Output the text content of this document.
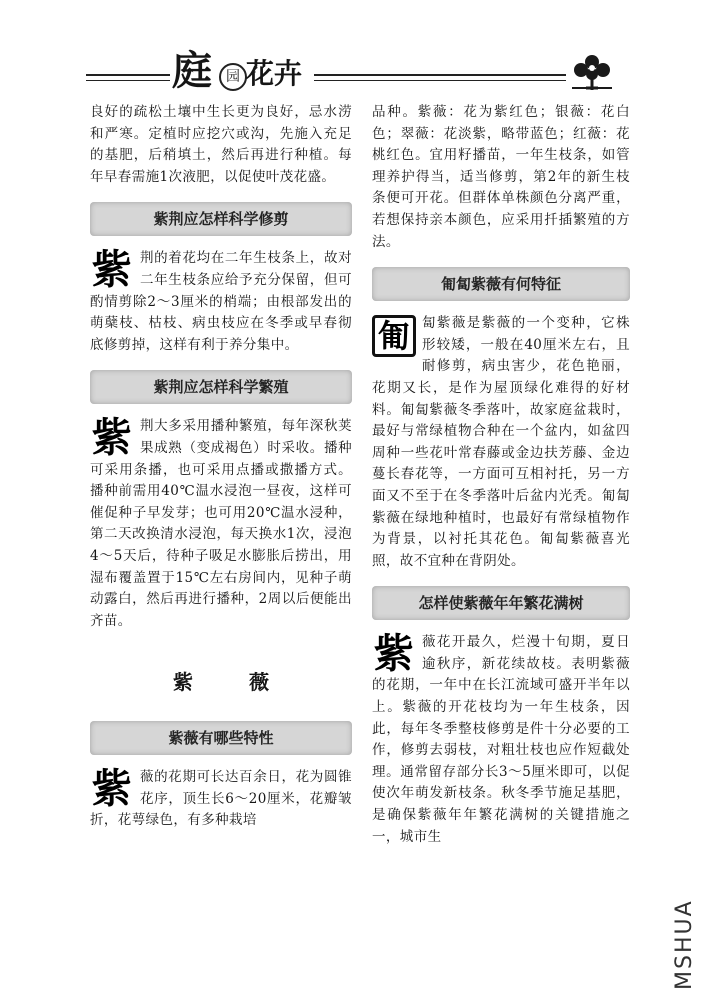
庭	园 花卉

良好的疏松土壤中生长更为良好，忌水涝和严寒。定植时应挖穴或沟，先施入充足的基肥，后稍填土，然后再进行种植。每年早春需施1次液肥，以促使叶茂花盛。

紫荆应怎样科学修剪

紫 荆的着花均在二年生枝条上，故对二年生枝条应给予充分保留，但可酌情剪除2～3厘米的梢端；由根部发出的萌蘖枝、枯枝、病虫枝应在冬季或早春彻底修剪掉，这样有利于养分集中。

紫荆应怎样科学繁殖

紫 荆大多采用播种繁殖，每年深秋荚果成熟（变成褐色）时采收。播种可采用条播，也可采用点播或撒播方式。播种前需用40℃温水浸泡一昼夜，这样可催促种子早发芽；也可用20℃温水浸种，第二天改换清水浸泡，每天换水1次，浸泡4～5天后，待种子吸足水膨胀后捞出，用湿布覆盖置于15℃左右房间内，见种子萌动露白，然后再进行播种，2周以后便能出齐苗。

紫薇
紫薇有哪些特性

紫 薇的花期可长达百余日，花为圆锥花序，顶生长6～20厘米，花瓣皱折，花萼绿色，有多种栽培

品种。紫薇：花为紫红色；银薇：花白色；翠薇：花淡紫，略带蓝色；红薇：花桃红色。宜用籽播苗，一年生枝条，如管理养护得当，适当修剪，第2年的新生枝条便可开花。但群体单株颜色分离严重，若想保持亲本颜色，应采用扦插繁殖的方法。

匍匐紫薇有何特征

匍 匐紫薇是紫薇的一个变种，它株形较矮，一般在40厘米左右，且耐修剪，病虫害少，花色艳丽，花期又长，是作为屋顶绿化难得的好材料。匍匐紫薇冬季落叶，故家庭盆栽时，最好与常绿植物合种在一个盆内，如盆四周种一些花叶常春藤或金边扶芳藤、金边蔓长春花等，一方面可互相衬托，另一方面又不至于在冬季落叶后盆内光秃。匍匐紫薇在绿地种植时，也最好有常绿植物作为背景，以衬托其花色。匍匐紫薇喜光照，故不宜种在背阴处。

怎样使紫薇年年繁花满树

紫 薇花开最久，烂漫十旬期，夏日逾秋序，新花续故枝。表明紫薇的花期，一年中在长江流域可盛开半年以上。紫薇的开花枝均为一年生枝条，因此，每年冬季整枝修剪是件十分必要的工作，修剪去弱枝，对粗壮枝也应作短截处理。通常留存部分长3～5厘米即可，以促使次年萌发新枝条。秋冬季节施足基肥，是确保紫薇年年繁花满树的关键措施之一，城市生

MSHUA
